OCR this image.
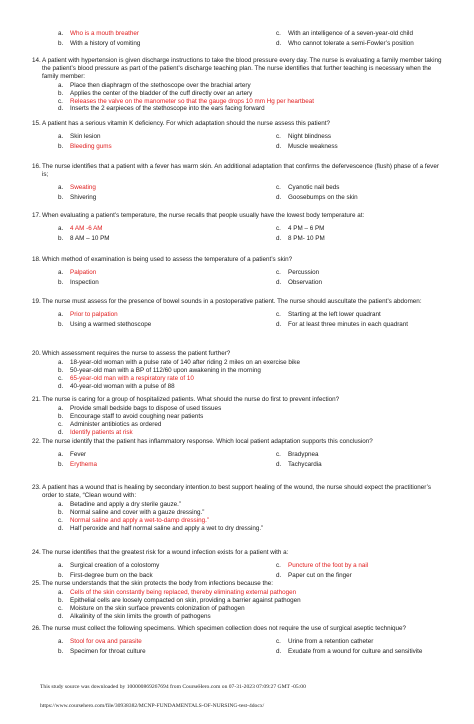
a. Who is a mouth breather
b. With a history of vomiting
c. With an intelligence of a seven-year-old child
d. Who cannot tolerate a semi-Fowler’s position
14. A patient with hypertension is given discharge instructions to take the blood pressure every day. The nurse is evaluating a family member taking the patient’s blood pressure as part of the patient’s discharge teaching plan. The nurse identifies that further teaching is necessary when the family member:
a. Place then diaphragm of the stethoscope over the brachial artery
b. Applies the center of the bladder of the cuff directly over an artery
c. Releases the valve on the manometer so that the gauge drops 10 mm Hg per heartbeat
d. Inserts the 2 earpieces of the stethoscope into the ears facing forward
15. A patient has a serious vitamin K deficiency. For which adaptation should the nurse assess this patient?
a. Skin lesion
b. Bleeding gums
c. Night blindness
d. Muscle weakness
16. The nurse identifies that a patient with a fever has warm skin. An additional adaptation that confirms the defervescence (flush) phase of a fever is;
a. Sweating
b. Shivering
c. Cyanotic nail beds
d. Goosebumps on the skin
17. When evaluating a patient’s temperature, the nurse recalls that people usually have the lowest body temperature at:
a. 4 AM -6 AM
b. 8 AM – 10 PM
c. 4 PM – 6 PM
d. 8 PM- 10 PM
18. Which method of examination is being used to assess the temperature of a patient’s skin?
a. Palpation
b. Inspection
c. Percussion
d. Observation
19. The nurse must assess for the presence of bowel sounds in a postoperative patient. The nurse should auscultate the patient’s abdomen:
a. Prior to palpation
b. Using a warmed stethoscope
c. Starting at the left lower quadrant
d. For at least three minutes in each quadrant
20. Which assessment requires the nurse to assess the patient further?
a. 18-year-old woman with a pulse rate of 140 after riding 2 miles on an exercise bike
b. 50-year-old man with a BP of 112/60 upon awakening in the morning
c. 65-year-old man with a respiratory rate of 10
d. 40-year-old woman with a pulse of 88
21. The nurse is caring for a group of hospitalized patients. What should the nurse do first to prevent infection?
a. Provide small bedside bags to dispose of used tissues
b. Encourage staff to avoid coughing near patients
c. Administer antibiotics as ordered
d. Identify patients at risk
22. The nurse identify that the patient has inflammatory response. Which local patient adaptation supports this conclusion?
a. Fever
b. Erythema
c. Bradypnea
d. Tachycardia
23. A patient has a wound that is healing by secondary intention.to best support healing of the wound, the nurse should expect the practitioner’s order to state, “Clean wound with:
a. Betadine and apply a dry sterile gauze.”
b. Normal saline and cover with a gauze dressing.”
c. Normal saline and apply a wet-to-damp dressing.”
d. Half peroxide and half normal saline and apply a wet to dry dressing.”
24. The nurse identifies that the greatest risk for a wound infection exists for a patient with a:
a. Surgical creation of a colostomy
b. First-degree burn on the back
c. Puncture of the foot by a nail
d. Paper cut on the finger
25. The nurse understands that the skin protects the body from infections because the:
a. Cells of the skin constantly being replaced, thereby eliminating external pathogen
b. Epithelial cells are loosely compacted on skin, providing a barrier against pathogen
c. Moisture on the skin surface prevents colonization of pathogen
d. Alkalinity of the skin limits the growth of pathogens
26. The nurse must collect the following specimens. Which specimen collection does not require the use of surgical aseptic technique?
a. Stool for ova and parasite
b. Specimen for throat culture
c. Urine from a retention catheter
d. Exudate from a wound for culture and sensitivite
This study source was downloaded by 100000869267694 from CourseHero.com on 07-31-2023 07:09:27 GMT -05:00
https://www.coursehero.com/file/30938382/MCNP-FUNDAMENTALS-OF-NURSING-test-4docx/
